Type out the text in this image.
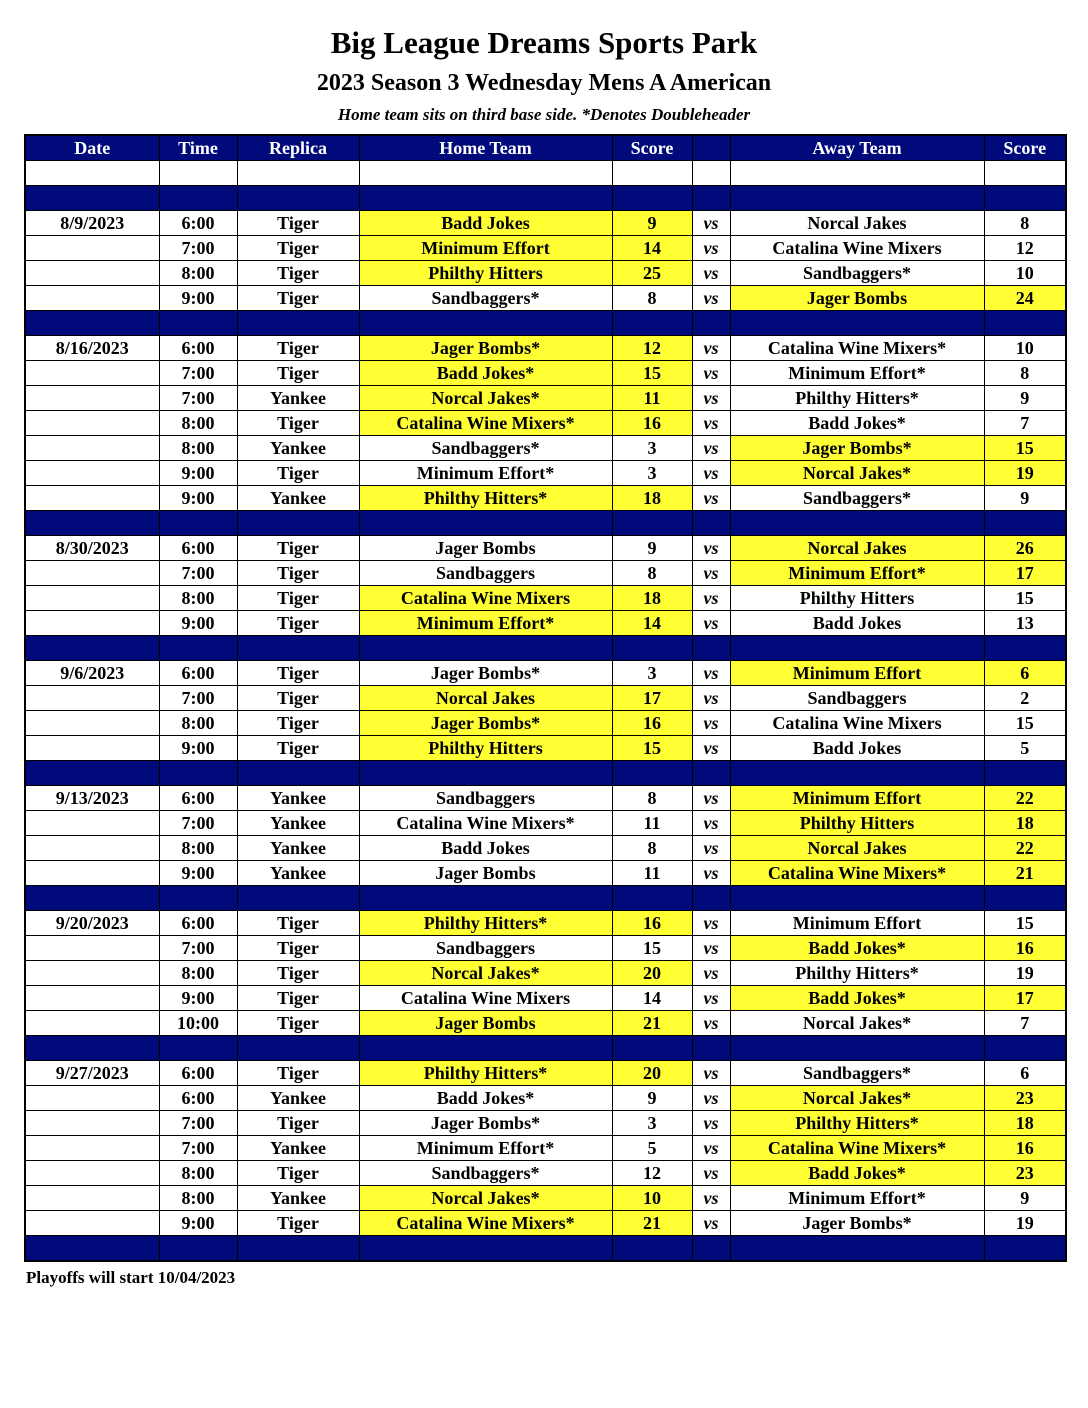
Big League Dreams Sports Park
2023 Season 3 Wednesday Mens A American
Home team sits on third base side. *Denotes Doubleheader
Date	Time	Replica	Home Team	Score		Away Team	Score

8/9/2023	6:00	Tiger	Badd Jokes	9	vs	Norcal Jakes	8
	7:00	Tiger	Minimum Effort	14	vs	Catalina Wine Mixers	12
	8:00	Tiger	Philthy Hitters	25	vs	Sandbaggers*	10
	9:00	Tiger	Sandbaggers*	8	vs	Jager Bombs	24

8/16/2023	6:00	Tiger	Jager Bombs*	12	vs	Catalina Wine Mixers*	10
	7:00	Tiger	Badd Jokes*	15	vs	Minimum Effort*	8
	7:00	Yankee	Norcal Jakes*	11	vs	Philthy Hitters*	9
	8:00	Tiger	Catalina Wine Mixers*	16	vs	Badd Jokes*	7
	8:00	Yankee	Sandbaggers*	3	vs	Jager Bombs*	15
	9:00	Tiger	Minimum Effort*	3	vs	Norcal Jakes*	19
	9:00	Yankee	Philthy Hitters*	18	vs	Sandbaggers*	9

8/30/2023	6:00	Tiger	Jager Bombs	9	vs	Norcal Jakes	26
	7:00	Tiger	Sandbaggers	8	vs	Minimum Effort*	17
	8:00	Tiger	Catalina Wine Mixers	18	vs	Philthy Hitters	15
	9:00	Tiger	Minimum Effort*	14	vs	Badd Jokes	13

9/6/2023	6:00	Tiger	Jager Bombs*	3	vs	Minimum Effort	6
	7:00	Tiger	Norcal Jakes	17	vs	Sandbaggers	2
	8:00	Tiger	Jager Bombs*	16	vs	Catalina Wine Mixers	15
	9:00	Tiger	Philthy Hitters	15	vs	Badd Jokes	5

9/13/2023	6:00	Yankee	Sandbaggers	8	vs	Minimum Effort	22
	7:00	Yankee	Catalina Wine Mixers*	11	vs	Philthy Hitters	18
	8:00	Yankee	Badd Jokes	8	vs	Norcal Jakes	22
	9:00	Yankee	Jager Bombs	11	vs	Catalina Wine Mixers*	21

9/20/2023	6:00	Tiger	Philthy Hitters*	16	vs	Minimum Effort	15
	7:00	Tiger	Sandbaggers	15	vs	Badd Jokes*	16
	8:00	Tiger	Norcal Jakes*	20	vs	Philthy Hitters*	19
	9:00	Tiger	Catalina Wine Mixers	14	vs	Badd Jokes*	17
	10:00	Tiger	Jager Bombs	21	vs	Norcal Jakes*	7

9/27/2023	6:00	Tiger	Philthy Hitters*	20	vs	Sandbaggers*	6
	6:00	Yankee	Badd Jokes*	9	vs	Norcal Jakes*	23
	7:00	Tiger	Jager Bombs*	3	vs	Philthy Hitters*	18
	7:00	Yankee	Minimum Effort*	5	vs	Catalina Wine Mixers*	16
	8:00	Tiger	Sandbaggers*	12	vs	Badd Jokes*	23
	8:00	Yankee	Norcal Jakes*	10	vs	Minimum Effort*	9
	9:00	Tiger	Catalina Wine Mixers*	21	vs	Jager Bombs*	19

Playoffs will start 10/04/2023
